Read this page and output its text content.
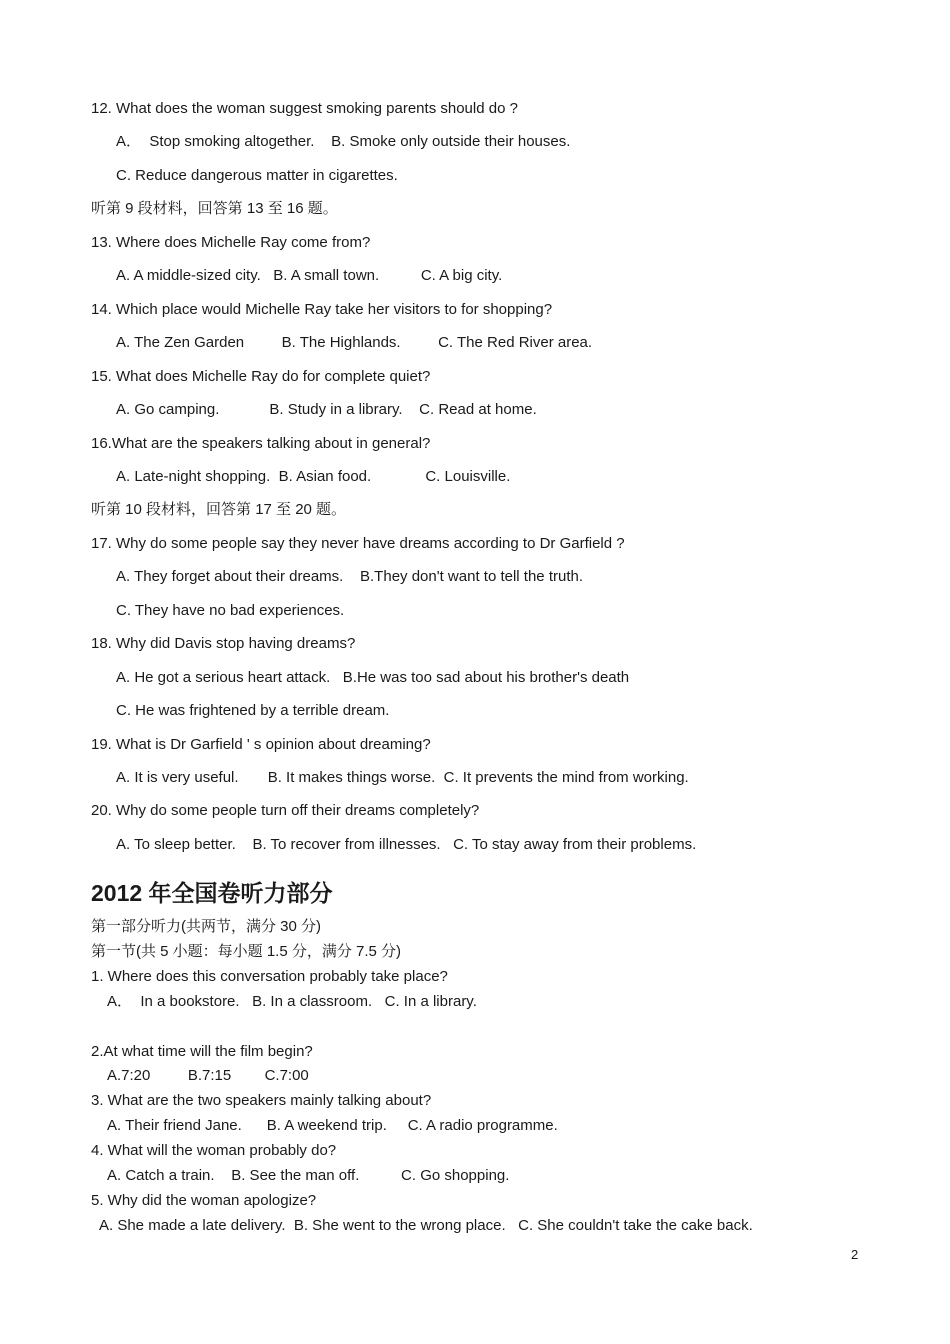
12. What does the woman suggest smoking parents should do ?
A．  Stop smoking altogether.    B. Smoke only outside their houses.
C. Reduce dangerous matter in cigarettes.
听第 9 段材料，回答第 13 至 16 题。
13. Where does Michelle Ray come from?
A. A middle-sized city.   B. A small town.          C. A big city.
14. Which place would Michelle Ray take her visitors to for shopping?
A. The Zen Garden         B. The Highlands.         C. The Red River area.
15. What does Michelle Ray do for complete quiet?
A. Go camping.            B. Study in a library.    C. Read at home.
16.What are the speakers talking about in general?
A. Late-night shopping.  B. Asian food.             C. Louisville.
听第 10 段材料，回答第 17 至 20 题。
17. Why do some people say they never have dreams according to Dr Garfield ?
A. They forget about their dreams.    B.They don't want to tell the truth.
C. They have no bad experiences.
18. Why did Davis stop having dreams?
A. He got a serious heart attack.   B.He was too sad about his brother's death
C. He was frightened by a terrible dream.
19. What is Dr Garfield ' s opinion about dreaming?
A. It is very useful.       B. It makes things worse.  C. It prevents the mind from working.
20. Why do some people turn off their dreams completely?
A. To sleep better.    B. To recover from illnesses.   C. To stay away from their problems.
2012 年全国卷听力部分
第一部分听力(共两节，满分 30 分)
第一节(共 5 小题：每小题 1.5 分，满分 7.5 分)
1. Where does this conversation probably take place?
A．  In a bookstore.   B. In a classroom.   C. In a library.
2.At what time will the film begin?
A.7:20         B.7:15        C.7:00
3. What are the two speakers mainly talking about?
A. Their friend Jane.      B. A weekend trip.     C. A radio programme.
4. What will the woman probably do?
A. Catch a train.    B. See the man off.          C. Go shopping.
5. Why did the woman apologize?
A. She made a late delivery.  B. She went to the wrong place.   C. She couldn't take the cake back.
2
